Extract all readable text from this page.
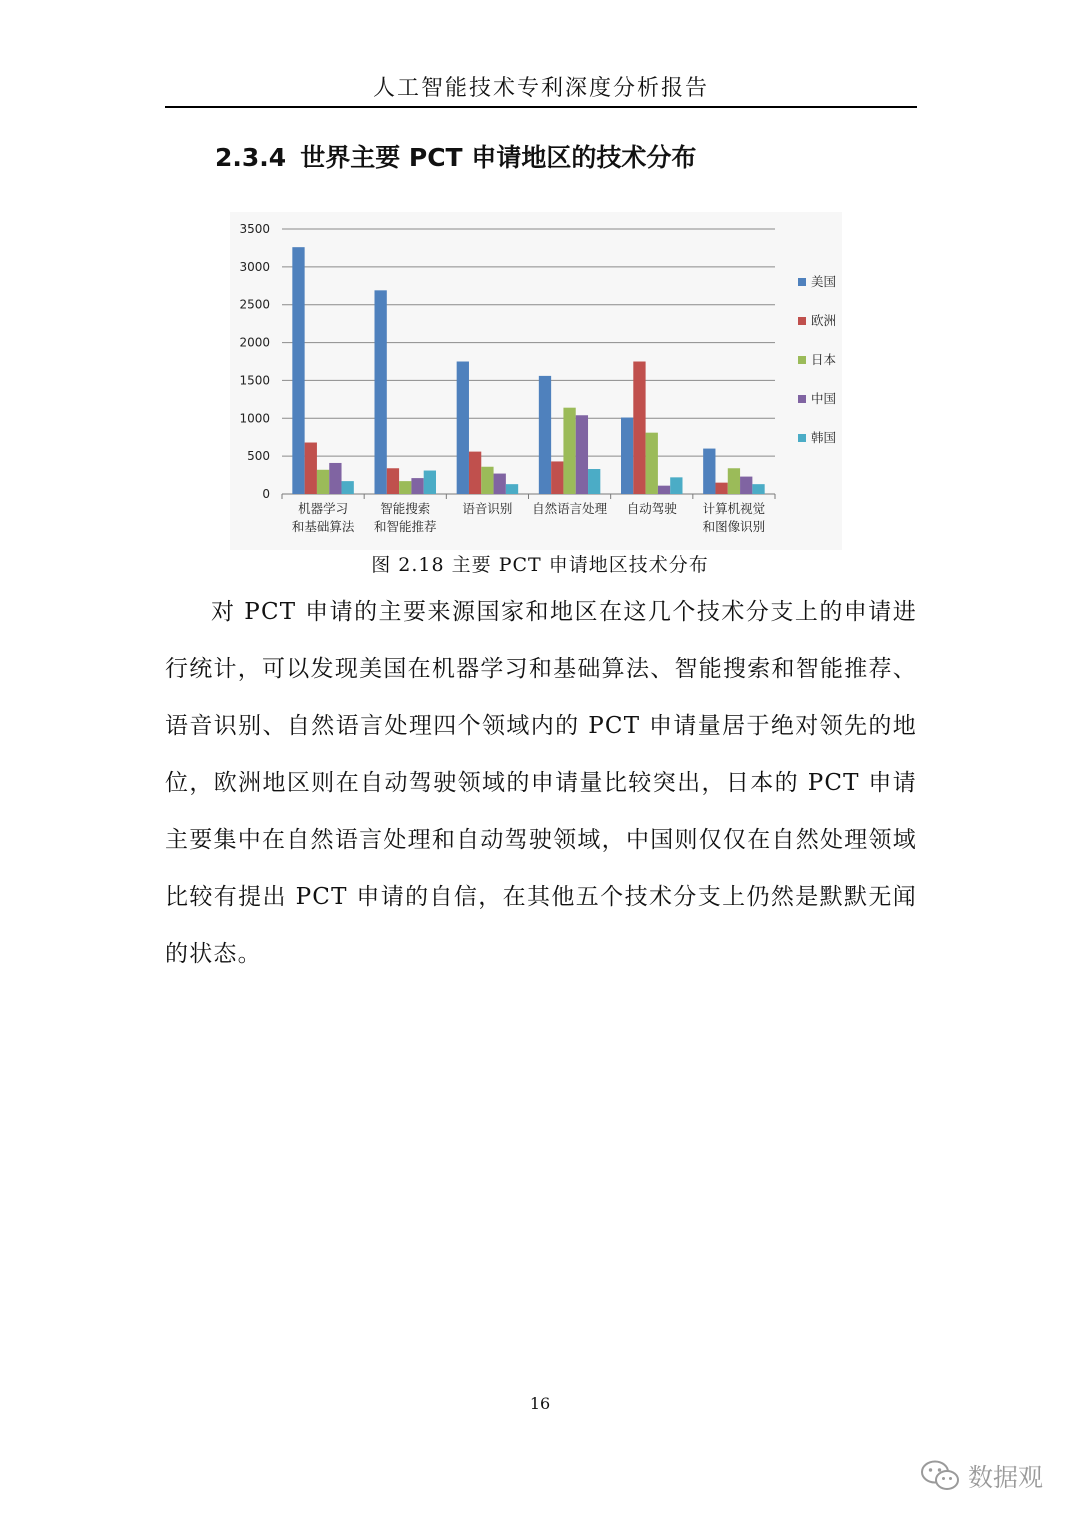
人工智能技术专利深度分析报告
2.3.4 世界主要 PCT 申请地区的技术分布
0
500
1000
1500
2000
2500
3000
3500
机器学习
和基础算法
智能搜索
和智能推荐
语音识别 自然语言处理 自动驾驶 计算机视觉
和图像识别
美国
欧洲
日本
中国
韩国
图 2.18 主要 PCT 申请地区技术分布
对 PCT 申请的主要来源国家和地区在这几个技术分支上的申请进行统计，可以发现美国在机器学习和基础算法、智能搜索和智能推荐、语音识别、自然语言处理四个领域内的 PCT 申请量居于绝对领先的地位，欧洲地区则在自动驾驶领域的申请量比较突出，日本的 PCT 申请主要集中在自然语言处理和自动驾驶领域，中国则仅仅在自然处理领域比较有提出 PCT 申请的自信，在其他五个技术分支上仍然是默默无闻的状态。
16
数据观
